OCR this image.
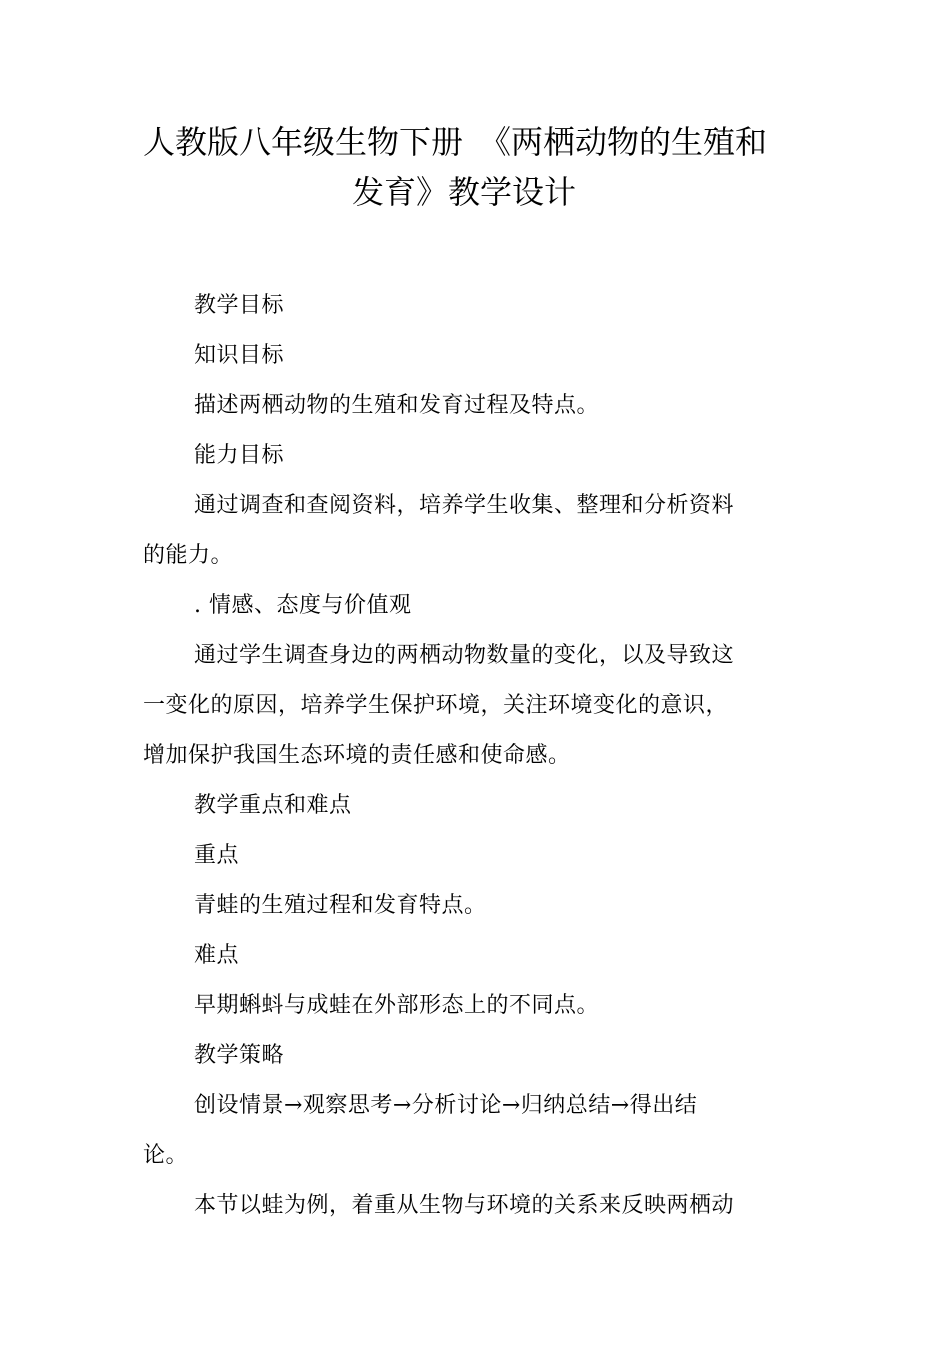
人教版八年级生物下册　《两栖动物的生殖和
发育》教学设计
教学目标
知识目标
描述两栖动物的生殖和发育过程及特点。
能力目标
通过调查和查阅资料，培养学生收集、整理和分析资料
的能力。
. 情感、态度与价值观
通过学生调查身边的两栖动物数量的变化，以及导致这
一变化的原因，培养学生保护环境，关注环境变化的意识，
增加保护我国生态环境的责任感和使命感。
教学重点和难点
重点
青蛙的生殖过程和发育特点。
难点
早期蝌蚪与成蛙在外部形态上的不同点。
教学策略
创设情景→观察思考→分析讨论→归纳总结→得出结
论。
本节以蛙为例，着重从生物与环境的关系来反映两栖动
